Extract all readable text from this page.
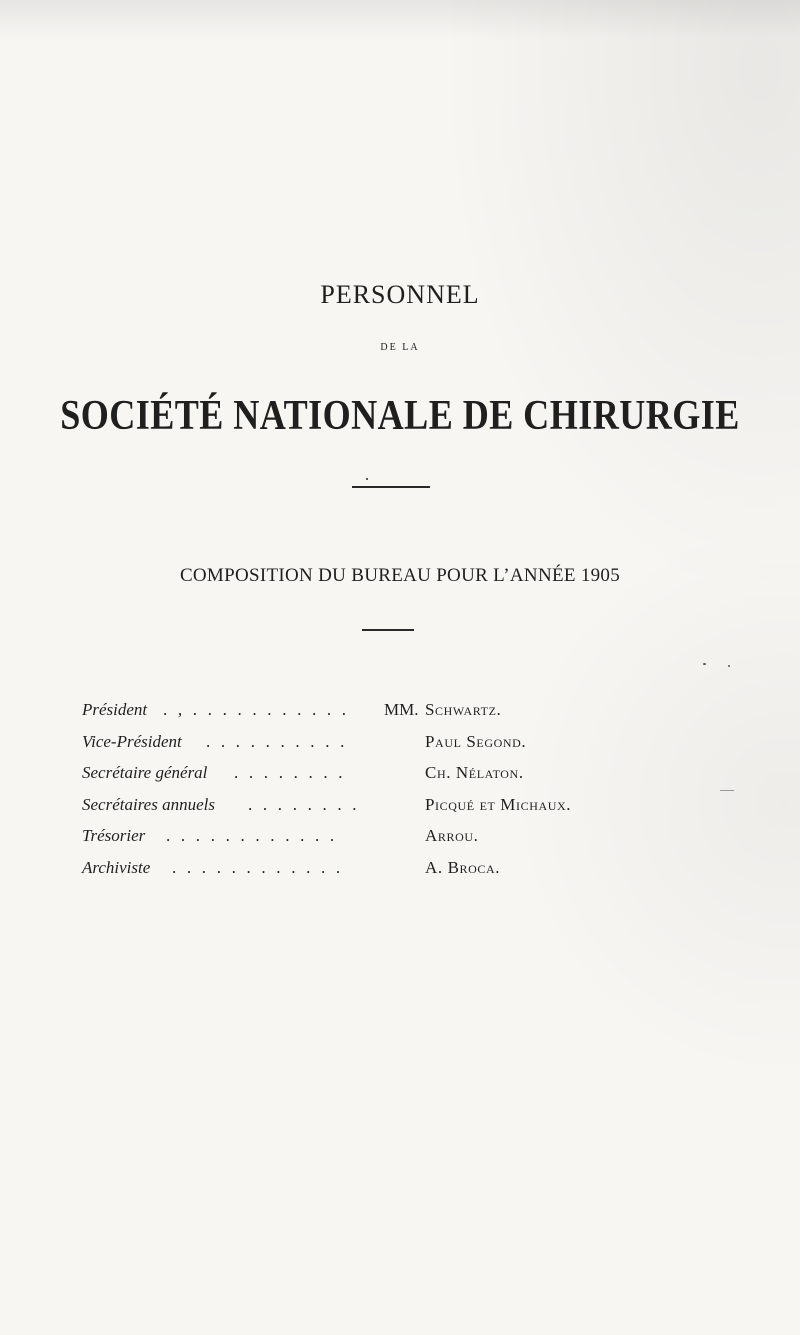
PERSONNEL
DE LA
SOCIÉTÉ NATIONALE DE CHIRURGIE
COMPOSITION DU BUREAU POUR L’ANNÉE 1905
Président . , . . . . . . . . . . . MM. Schwartz.
Vice-Président . . . . . . . . . .	Paul Segond.
Secrétaire général . . . . . . . .	Ch. Nélaton.
Secrétaires annuels . . . . . . . .	Picqué et Michaux.
Trésorier . . . . . . . . . . . .	Arrou.
Archiviste . . . . . . . . . . . .	A. Broca.
